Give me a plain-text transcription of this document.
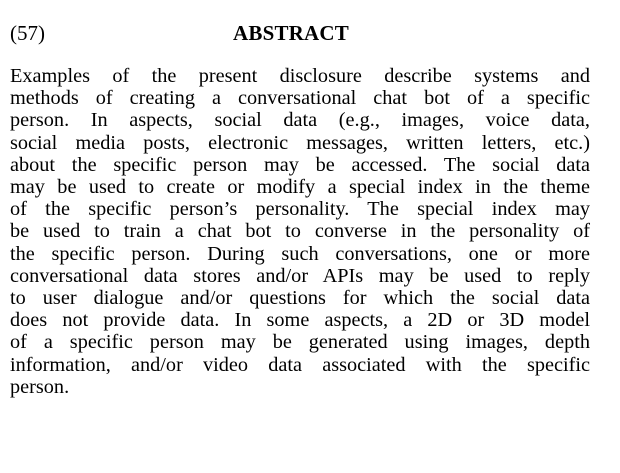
(57)	ABSTRACT
Examples of the present disclosure describe systems and
methods of creating a conversational chat bot of a specific
person. In aspects, social data (e.g., images, voice data,
social media posts, electronic messages, written letters, etc.)
about the specific person may be accessed. The social data
may be used to create or modify a special index in the theme
of the specific person’s personality. The special index may
be used to train a chat bot to converse in the personality of
the specific person. During such conversations, one or more
conversational data stores and/or APIs may be used to reply
to user dialogue and/or questions for which the social data
does not provide data. In some aspects, a 2D or 3D model
of a specific person may be generated using images, depth
information, and/or video data associated with the specific
person.
